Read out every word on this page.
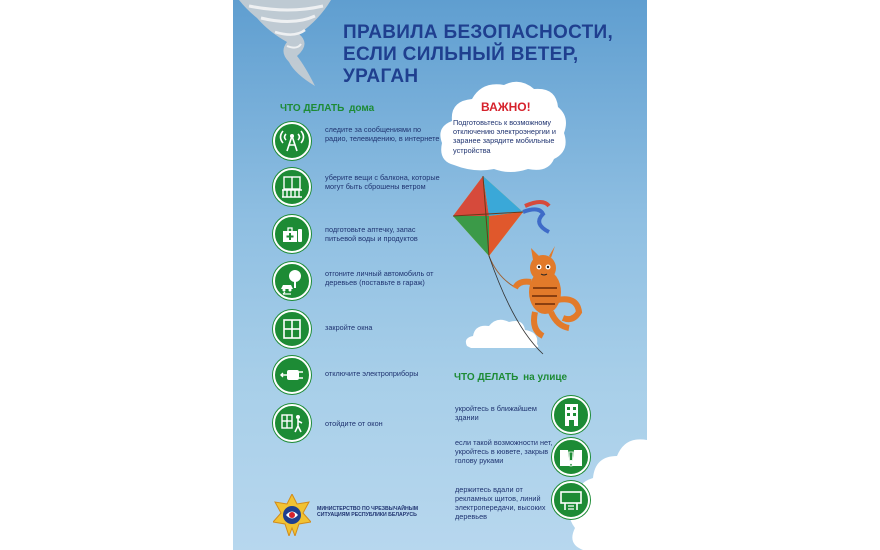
ПРАВИЛА БЕЗОПАСНОСТИ,
ЕСЛИ СИЛЬНЫЙ ВЕТЕР,
УРАГАН
ЧТО ДЕЛАТЬ дома
следите за сообщениями по радио, телевидению, в интернете
уберите вещи с балкона, которые могут быть сброшены ветром
подготовьте аптечку, запас питьевой воды и продуктов
отгоните личный автомобиль от деревьев (поставьте в гараж)
закройте окна
отключите электроприборы
отойдите от окон
ВАЖНО!
Подготовьтесь к возможному отключению электроэнергии и заранее зарядите мобильные устройства
ЧТО ДЕЛАТЬ на улице
укройтесь в ближайшем здании
если такой возможности нет, укройтесь в кювете, закрыв голову руками
держитесь вдали от рекламных щитов, линий электропередачи, высоких деревьев
МИНИСТЕРСТВО ПО ЧРЕЗВЫЧАЙНЫМ СИТУАЦИЯМ РЕСПУБЛИКИ БЕЛАРУСЬ
